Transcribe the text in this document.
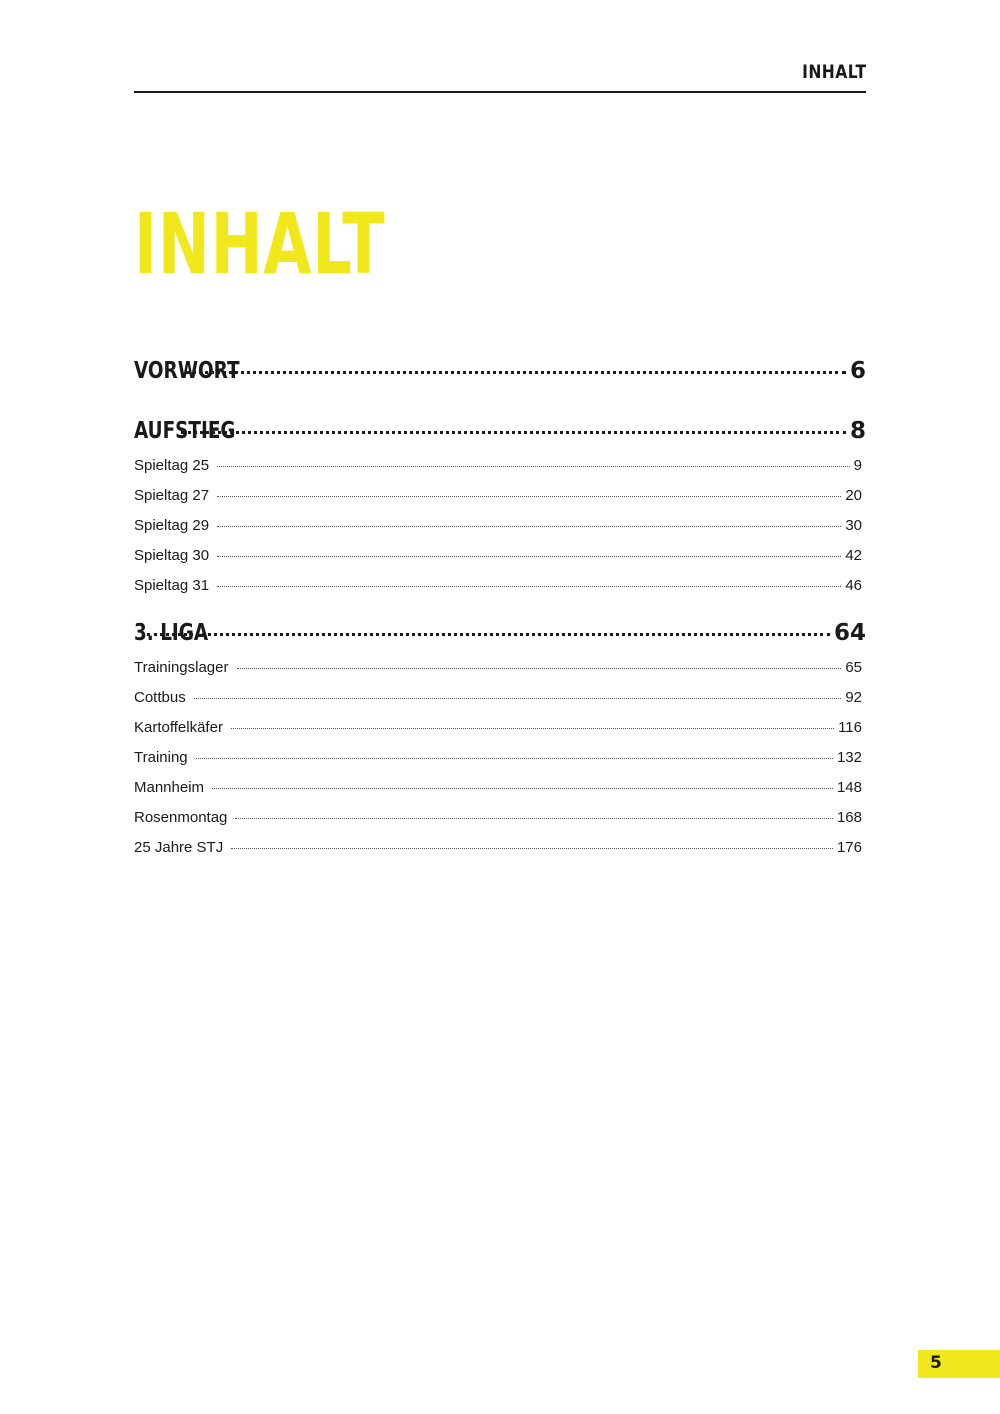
INHALT
INHALT
VORWORT	6
AUFSTIEG	8
Spieltag 25	9
Spieltag 27	20
Spieltag 29	30
Spieltag 30	42
Spieltag 31	46
3. LIGA	64
Trainingslager	65
Cottbus	92
Kartoffelkäfer	116
Training	132
Mannheim	148
Rosenmontag	168
25 Jahre STJ	176
5
